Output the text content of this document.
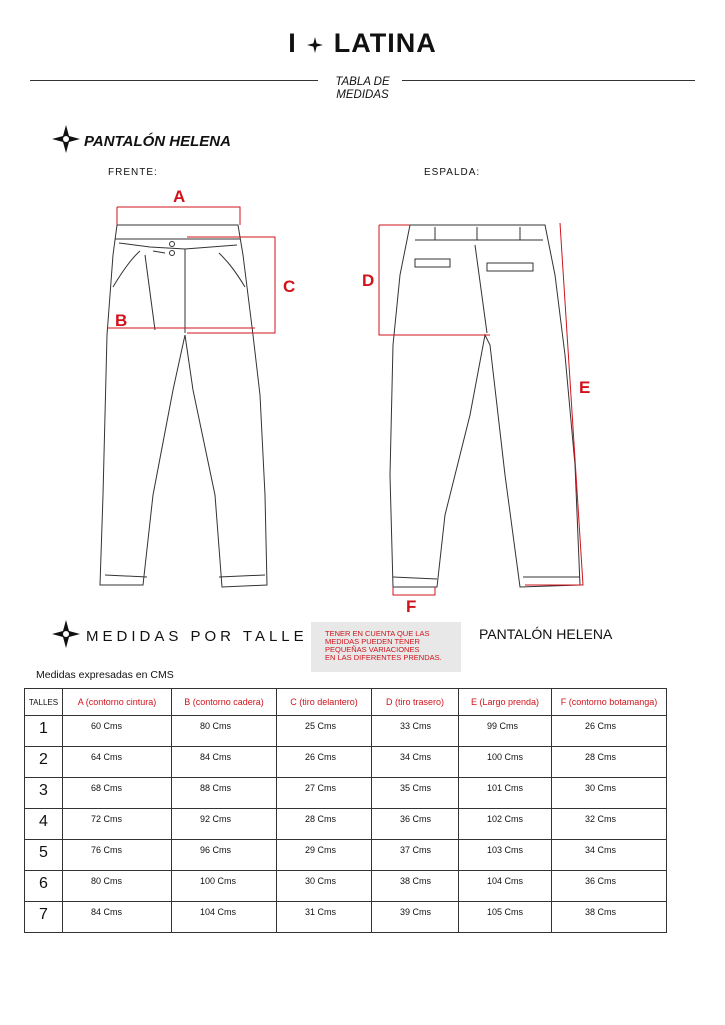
I LATINA
TABLA DE
MEDIDAS
PANTALÓN HELENA
FRENTE:	ESPALDA:
A
C
B
D
E
F
MEDIDAS POR TALLE TENER EN CUENTA QUE LAS
MEDIDAS PUEDEN TENER
PEQUEÑAS VARIACIONES
EN LAS DIFERENTES PRENDAS.
PANTALÓN HELENA
Medidas expresadas en CMS
TALLES	A (contorno cintura)	B (contorno cadera)	C (tiro delantero)	D (tiro trasero)	E (Largo prenda)	F (contorno botamanga)
1	60 Cms	80 Cms	25 Cms	33 Cms	99 Cms	26 Cms
2	64 Cms	84 Cms	26 Cms	34 Cms	100 Cms	28 Cms
3	68 Cms	88 Cms	27 Cms	35 Cms	101 Cms	30 Cms
4	72 Cms	92 Cms	28 Cms	36 Cms	102 Cms	32 Cms
5	76 Cms	96 Cms	29 Cms	37 Cms	103 Cms	34 Cms
6	80 Cms	100 Cms	30 Cms	38 Cms	104 Cms	36 Cms
7	84 Cms	104 Cms	31 Cms	39 Cms	105 Cms	38 Cms
